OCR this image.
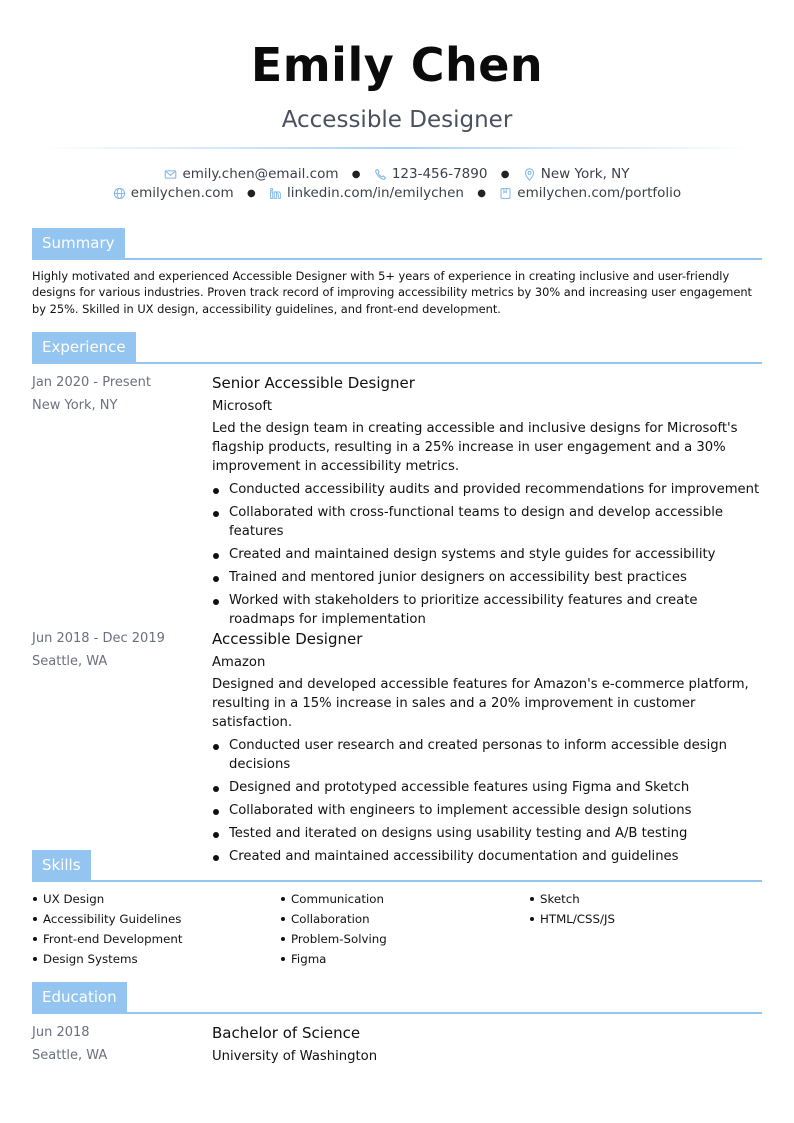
Emily Chen
Accessible Designer
emily.chen@email.com ● 123-456-7890 ● New York, NY
emilychen.com ● linkedin.com/in/emilychen ● emilychen.com/portfolio
Summary
Highly motivated and experienced Accessible Designer with 5+ years of experience in creating inclusive and user-friendly designs for various industries. Proven track record of improving accessibility metrics by 30% and increasing user engagement by 25%. Skilled in UX design, accessibility guidelines, and front-end development.
Experience
Jan 2020 - Present
New York, NY
Senior Accessible Designer
Microsoft
Led the design team in creating accessible and inclusive designs for Microsoft's flagship products, resulting in a 25% increase in user engagement and a 30% improvement in accessibility metrics.
Conducted accessibility audits and provided recommendations for improvement
Collaborated with cross-functional teams to design and develop accessible features
Created and maintained design systems and style guides for accessibility
Trained and mentored junior designers on accessibility best practices
Worked with stakeholders to prioritize accessibility features and create roadmaps for implementation
Jun 2018 - Dec 2019
Seattle, WA
Accessible Designer
Amazon
Designed and developed accessible features for Amazon's e-commerce platform, resulting in a 15% increase in sales and a 20% improvement in customer satisfaction.
Conducted user research and created personas to inform accessible design decisions
Designed and prototyped accessible features using Figma and Sketch
Collaborated with engineers to implement accessible design solutions
Tested and iterated on designs using usability testing and A/B testing
Created and maintained accessibility documentation and guidelines
Skills
UX Design
Accessibility Guidelines
Front-end Development
Design Systems
Communication
Collaboration
Problem-Solving
Figma
Sketch
HTML/CSS/JS
Education
Jun 2018
Seattle, WA
Bachelor of Science
University of Washington
